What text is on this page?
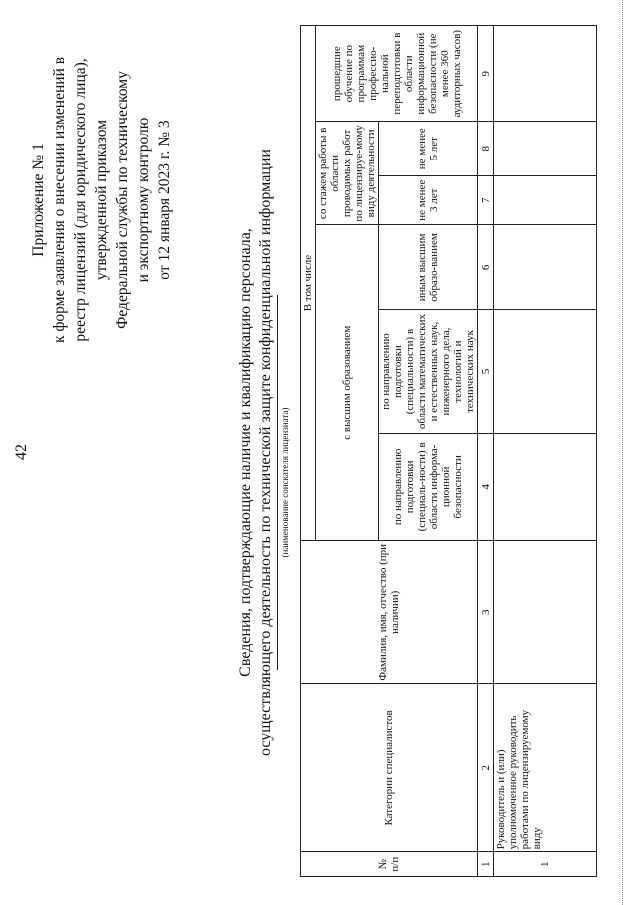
42
Приложение № 1 к форме заявления о внесении изменений в реестр лицензий (для юридического лица), утвержденной приказом Федеральной службы по техническому и экспортному контролю от 12 января 2023 г. № 3
Сведения, подтверждающие наличие и квалификацию персонала, осуществляющего деятельность по технической защите конфиденциальной информации (наименование соискателя лицензиата)
№ п/п	Категории специалистов	Фамилия, имя, отчество (при наличии)	В том числе					
			с высшим образованием			со стажем работы в области проводимых работ по лицензируе-мому виду деятельности		прошедшие обучение по программам профессио-нальной переподготовки в области информационной безопасности (не менее 360 аудиторных часов)
						не менее 3 лет	не менее 5 лет	
			по направлению подготовки (специаль-ности) в области информа-ционной безопасности	по направлению подготовки (специальности) в области математических и естественных наук, инженерного дела, технологий и технических наук	иным высшим образо-ванием			
1	2	3	4	5	6	7	8	9
1	Руководитель и (или) уполномоченное руководить работами по лицензируемому виду							
